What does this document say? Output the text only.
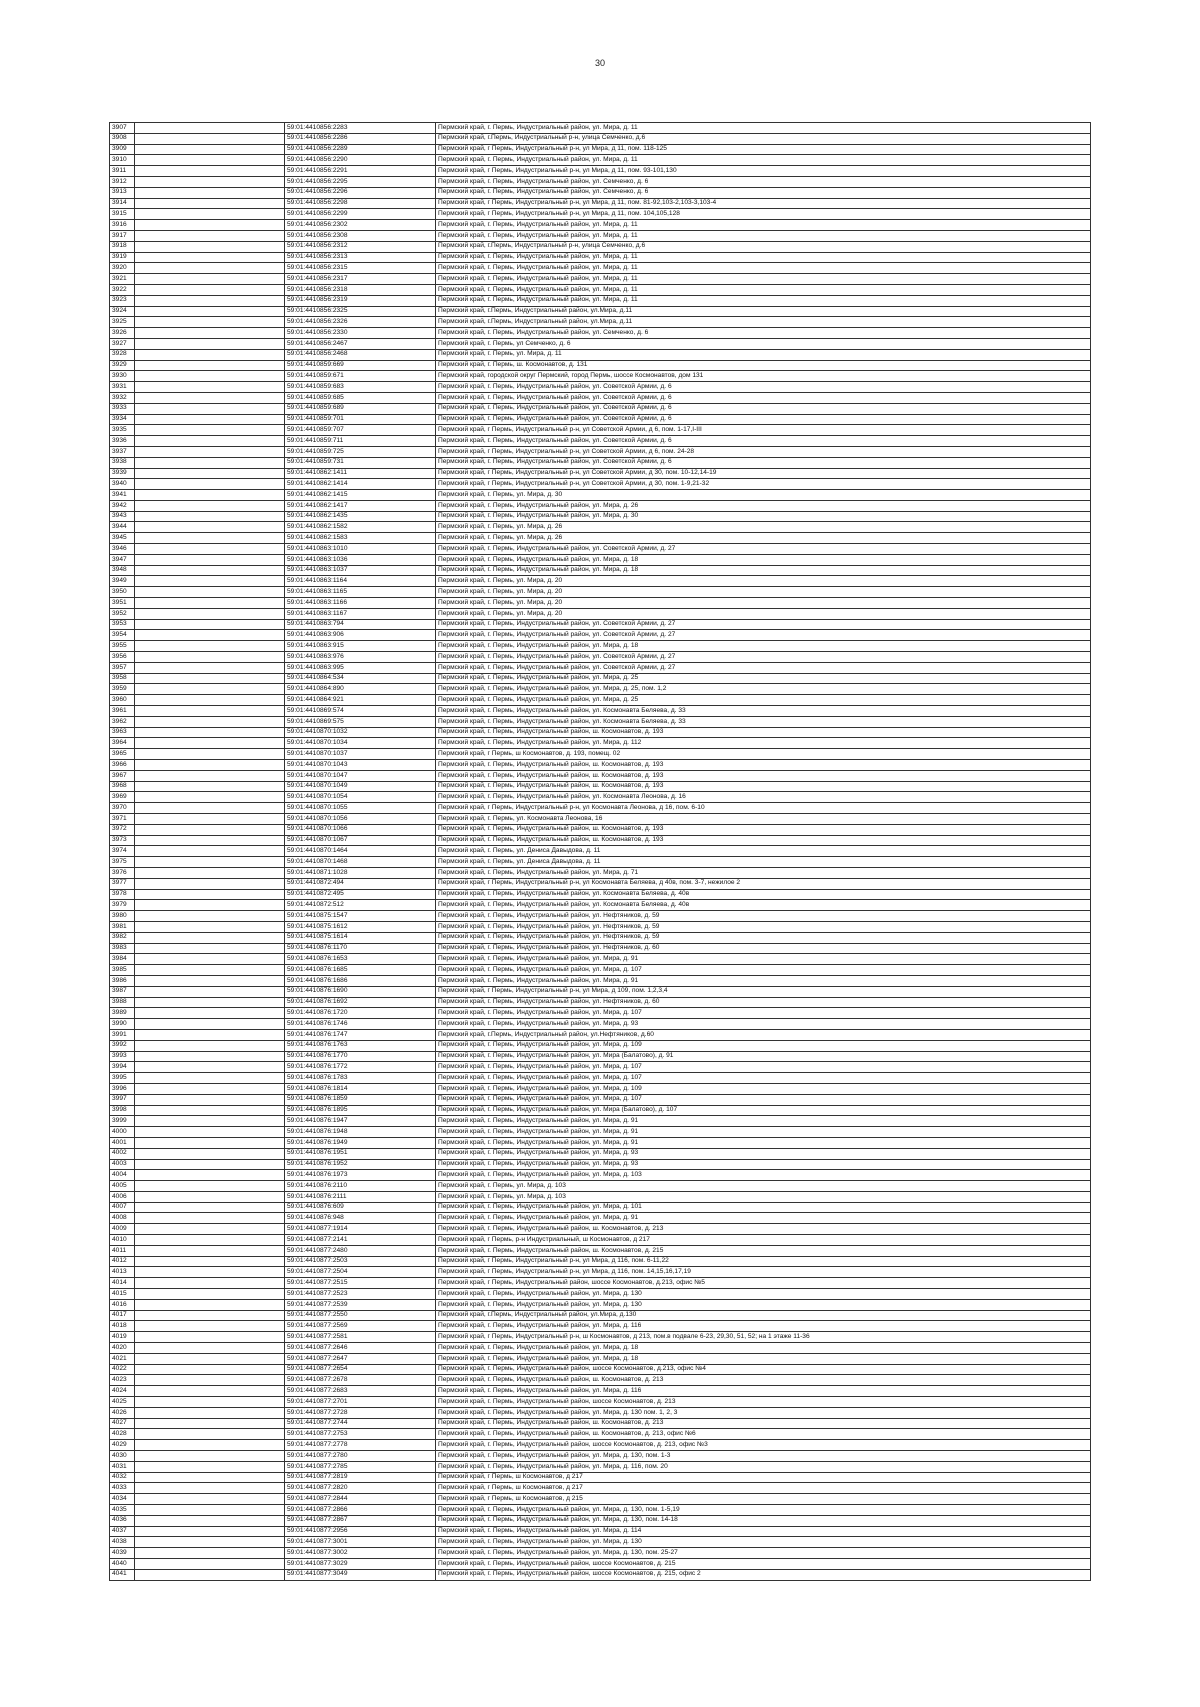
30
3907		59:01:4410856:2283	Пермский край, г. Пермь, Индустриальный район, ул. Мира, д. 11
3908		59:01:4410856:2286	Пермский край, г.Пермь, Индустриальный р-н, улица Семченко, д.6
3909		59:01:4410856:2289	Пермский край, г Пермь, Индустриальный р-н, ул Мира, д 11, пом. 118-125
3910		59:01:4410856:2290	Пермский край, г. Пермь, Индустриальный район, ул. Мира, д. 11
3911		59:01:4410856:2291	Пермский край, г Пермь, Индустриальный р-н, ул Мира, д 11, пом. 93-101,130
3912		59:01:4410856:2295	Пермский край, г. Пермь, Индустриальный район, ул. Семченко, д. 6
3913		59:01:4410856:2296	Пермский край, г. Пермь, Индустриальный район, ул. Семченко, д. 6
3914		59:01:4410856:2298	Пермский край, г Пермь, Индустриальный р-н, ул Мира, д 11, пом. 81-92,103-2,103-3,103-4
3915		59:01:4410856:2299	Пермский край, г Пермь, Индустриальный р-н, ул Мира, д 11, пом. 104,105,128
3916		59:01:4410856:2302	Пермский край, г. Пермь, Индустриальный район, ул. Мира, д. 11
3917		59:01:4410856:2308	Пермский край, г. Пермь, Индустриальный район, ул. Мира, д. 11
3918		59:01:4410856:2312	Пермский край, г.Пермь, Индустриальный р-н, улица Семченко, д.6
3919		59:01:4410856:2313	Пермский край, г. Пермь, Индустриальный район, ул. Мира, д. 11
3920		59:01:4410856:2315	Пермский край, г. Пермь, Индустриальный район, ул. Мира, д. 11
3921		59:01:4410856:2317	Пермский край, г. Пермь, Индустриальный район, ул. Мира, д. 11
3922		59:01:4410856:2318	Пермский край, г. Пермь, Индустриальный район, ул. Мира, д. 11
3923		59:01:4410856:2319	Пермский край, г. Пермь, Индустриальный район, ул. Мира, д. 11
3924		59:01:4410856:2325	Пермский край, г.Пермь, Индустриальный район, ул.Мира, д.11
3925		59:01:4410856:2326	Пермский край, г.Пермь, Индустриальный район, ул.Мира, д.11
3926		59:01:4410856:2330	Пермский край, г. Пермь, Индустриальный район, ул. Семченко, д. 6
3927		59:01:4410856:2467	Пермский край, г. Пермь, ул Семченко, д. 6
3928		59:01:4410856:2468	Пермский край, г. Пермь, ул. Мира, д. 11
3929		59:01:4410859:669	Пермский край, г. Пермь, ш. Космонавтов, д. 131
3930		59:01:4410859:671	Пермский край, городской округ Пермский, город Пермь, шоссе Космонавтов, дом 131
3931		59:01:4410859:683	Пермский край, г. Пермь, Индустриальный район, ул. Советской Армии, д. 6
3932		59:01:4410859:685	Пермский край, г. Пермь, Индустриальный район, ул. Советской Армии, д. 6
3933		59:01:4410859:689	Пермский край, г. Пермь, Индустриальный район, ул. Советской Армии, д. 6
3934		59:01:4410859:701	Пермский край, г. Пермь, Индустриальный район, ул. Советской Армии, д. 6
3935		59:01:4410859:707	Пермский край, г Пермь, Индустриальный р-н, ул Советской Армии, д 6, пом. 1-17,I-III
3936		59:01:4410859:711	Пермский край, г. Пермь, Индустриальный район, ул. Советской Армии, д. 6
3937		59:01:4410859:725	Пермский край, г Пермь, Индустриальный р-н, ул Советской Армии, д 6, пом. 24-28
3938		59:01:4410859:731	Пермский край, г. Пермь, Индустриальный район, ул. Советской Армии, д. 6
3939		59:01:4410862:1411	Пермский край, г Пермь, Индустриальный р-н, ул Советской Армии, д 30, пом. 10-12,14-19
3940		59:01:4410862:1414	Пермский край, г Пермь, Индустриальный р-н, ул Советской Армии, д 30, пом. 1-9,21-32
3941		59:01:4410862:1415	Пермский край, г. Пермь, ул. Мира, д. 30
3942		59:01:4410862:1417	Пермский край, г. Пермь, Индустриальный район, ул. Мира, д. 26
3943		59:01:4410862:1435	Пермский край, г. Пермь, Индустриальный район, ул. Мира, д. 30
3944		59:01:4410862:1582	Пермский край, г. Пермь, ул. Мира, д. 26
3945		59:01:4410862:1583	Пермский край, г. Пермь, ул. Мира, д. 26
3946		59:01:4410863:1010	Пермский край, г. Пермь, Индустриальный район, ул. Советской Армии, д. 27
3947		59:01:4410863:1036	Пермский край, г. Пермь, Индустриальный район, ул. Мира, д. 18
3948		59:01:4410863:1037	Пермский край, г. Пермь, Индустриальный район, ул. Мира, д. 18
3949		59:01:4410863:1164	Пермский край, г. Пермь, ул. Мира, д. 20
3950		59:01:4410863:1165	Пермский край, г. Пермь, ул. Мира, д. 20
3951		59:01:4410863:1166	Пермский край, г. Пермь, ул. Мира, д. 20
3952		59:01:4410863:1167	Пермский край, г. Пермь, ул. Мира, д. 20
3953		59:01:4410863:794	Пермский край, г. Пермь, Индустриальный район, ул. Советской Армии, д. 27
3954		59:01:4410863:906	Пермский край, г. Пермь, Индустриальный район, ул. Советской Армии, д. 27
3955		59:01:4410863:915	Пермский край, г. Пермь, Индустриальный район, ул. Мира, д. 18
3956		59:01:4410863:976	Пермский край, г. Пермь, Индустриальный район, ул. Советской Армии, д. 27
3957		59:01:4410863:995	Пермский край, г. Пермь, Индустриальный район, ул. Советской Армии, д. 27
3958		59:01:4410864:534	Пермский край, г. Пермь, Индустриальный район, ул. Мира, д. 25
3959		59:01:4410864:890	Пермский край, г. Пермь, Индустриальный район, ул. Мира, д. 25, пом. 1,2
3960		59:01:4410864:921	Пермский край, г. Пермь, Индустриальный район, ул. Мира, д. 25
3961		59:01:4410869:574	Пермский край, г. Пермь, Индустриальный район, ул. Космонавта Беляева, д. 33
3962		59:01:4410869:575	Пермский край, г. Пермь, Индустриальный район, ул. Космонавта Беляева, д. 33
3963		59:01:4410870:1032	Пермский край, г. Пермь, Индустриальный район, ш. Космонавтов, д. 193
3964		59:01:4410870:1034	Пермский край, г. Пермь, Индустриальный район, ул. Мира, д. 112
3965		59:01:4410870:1037	Пермский край, г Пермь, ш Космонавтов, д. 193, помещ. 02
3966		59:01:4410870:1043	Пермский край, г. Пермь, Индустриальный район, ш. Космонавтов, д. 193
3967		59:01:4410870:1047	Пермский край, г. Пермь, Индустриальный район, ш. Космонавтов, д. 193
3968		59:01:4410870:1049	Пермский край, г. Пермь, Индустриальный район, ш. Космонавтов, д. 193
3969		59:01:4410870:1054	Пермский край, г. Пермь, Индустриальный район, ул. Космонавта Леонова, д. 16
3970		59:01:4410870:1055	Пермский край, г Пермь, Индустриальный р-н, ул Космонавта Леонова, д 16, пом. 6-10
3971		59:01:4410870:1056	Пермский край, г. Пермь, ул. Космонавта Леонова, 16
3972		59:01:4410870:1066	Пермский край, г. Пермь, Индустриальный район, ш. Космонавтов, д. 193
3973		59:01:4410870:1067	Пермский край, г. Пермь, Индустриальный район, ш. Космонавтов, д. 193
3974		59:01:4410870:1464	Пермский край, г. Пермь, ул. Дениса Давыдова, д. 11
3975		59:01:4410870:1468	Пермский край, г. Пермь, ул. Дениса Давыдова, д. 11
3976		59:01:4410871:1028	Пермский край, г. Пермь, Индустриальный район, ул. Мира, д. 71
3977		59:01:4410872:494	Пермский край, г Пермь, Индустриальный р-н, ул Космонавта Беляева, д 40в, пом. 3-7, нежилое 2
3978		59:01:4410872:495	Пермский край, г. Пермь, Индустриальный район, ул. Космонавта Беляева, д. 40в
3979		59:01:4410872:512	Пермский край, г. Пермь, Индустриальный район, ул. Космонавта Беляева, д. 40в
3980		59:01:4410875:1547	Пермский край, г. Пермь, Индустриальный район, ул. Нефтяников, д. 59
3981		59:01:4410875:1612	Пермский край, г. Пермь, Индустриальный район, ул. Нефтяников, д. 59
3982		59:01:4410875:1614	Пермский край, г. Пермь, Индустриальный район, ул. Нефтяников, д. 59
3983		59:01:4410876:1170	Пермский край, г. Пермь, Индустриальный район, ул. Нефтяников, д. 60
3984		59:01:4410876:1653	Пермский край, г. Пермь, Индустриальный район, ул. Мира, д. 91
3985		59:01:4410876:1685	Пермский край, г. Пермь, Индустриальный район, ул. Мира, д. 107
3986		59:01:4410876:1686	Пермский край, г. Пермь, Индустриальный район, ул. Мира, д. 91
3987		59:01:4410876:1690	Пермский край, г Пермь, Индустриальный р-н, ул Мира, д 109, пом. 1,2,3,4
3988		59:01:4410876:1692	Пермский край, г. Пермь, Индустриальный район, ул. Нефтяников, д. 60
3989		59:01:4410876:1720	Пермский край, г. Пермь, Индустриальный район, ул. Мира, д. 107
3990		59:01:4410876:1746	Пермский край, г. Пермь, Индустриальный район, ул. Мира, д. 93
3991		59:01:4410876:1747	Пермский край, г.Пермь, Индустриальный район, ул.Нефтяников, д.60
3992		59:01:4410876:1763	Пермский край, г. Пермь, Индустриальный район, ул. Мира, д. 109
3993		59:01:4410876:1770	Пермский край, г. Пермь, Индустриальный район, ул. Мира (Балатово), д. 91
3994		59:01:4410876:1772	Пермский край, г. Пермь, Индустриальный район, ул. Мира, д. 107
3995		59:01:4410876:1783	Пермский край, г. Пермь, Индустриальный район, ул. Мира, д. 107
3996		59:01:4410876:1814	Пермский край, г. Пермь, Индустриальный район, ул. Мира, д. 109
3997		59:01:4410876:1859	Пермский край, г. Пермь, Индустриальный район, ул. Мира, д. 107
3998		59:01:4410876:1895	Пермский край, г. Пермь, Индустриальный район, ул. Мира (Балатово), д. 107
3999		59:01:4410876:1947	Пермский край, г. Пермь, Индустриальный район, ул. Мира, д. 91
4000		59:01:4410876:1948	Пермский край, г. Пермь, Индустриальный район, ул. Мира, д. 91
4001		59:01:4410876:1949	Пермский край, г. Пермь, Индустриальный район, ул. Мира, д. 91
4002		59:01:4410876:1951	Пермский край, г. Пермь, Индустриальный район, ул. Мира, д. 93
4003		59:01:4410876:1952	Пермский край, г. Пермь, Индустриальный район, ул. Мира, д. 93
4004		59:01:4410876:1973	Пермский край, г. Пермь, Индустриальный район, ул. Мира, д. 103
4005		59:01:4410876:2110	Пермский край, г. Пермь, ул. Мира, д. 103
4006		59:01:4410876:2111	Пермский край, г. Пермь, ул. Мира, д. 103
4007		59:01:4410876:609	Пермский край, г. Пермь, Индустриальный район, ул. Мира, д. 101
4008		59:01:4410876:948	Пермский край, г. Пермь, Индустриальный район, ул. Мира, д. 91
4009		59:01:4410877:1914	Пермский край, г. Пермь, Индустриальный район, ш. Космонавтов, д. 213
4010		59:01:4410877:2141	Пермский край, г Пермь, р-н Индустриальный, ш Космонавтов, д 217
4011		59:01:4410877:2480	Пермский край, г. Пермь, Индустриальный район, ш. Космонавтов, д. 215
4012		59:01:4410877:2503	Пермский край, г Пермь, Индустриальный р-н, ул Мира, д 116, пом. 6-11,22
4013		59:01:4410877:2504	Пермский край, г Пермь, Индустриальный р-н, ул Мира, д 116, пом. 14,15,16,17,19
4014		59:01:4410877:2515	Пермский край, г Пермь, Индустриальный район, шоссе Космонавтов, д.213, офис №5
4015		59:01:4410877:2523	Пермский край, г. Пермь, Индустриальный район, ул. Мира, д. 130
4016		59:01:4410877:2539	Пермский край, г. Пермь, Индустриальный район, ул. Мира, д. 130
4017		59:01:4410877:2550	Пермский край, г.Пермь, Индустриальный район, ул.Мира, д.130
4018		59:01:4410877:2569	Пермский край, г. Пермь, Индустриальный район, ул. Мира, д. 116
4019		59:01:4410877:2581	Пермский край, г Пермь, Индустриальный р-н, ш Космонавтов, д 213, пом.в подвале 6-23, 29,30, 51, 52; на 1 этаже 11-36
4020		59:01:4410877:2646	Пермский край, г. Пермь, Индустриальный район, ул. Мира, д. 18
4021		59:01:4410877:2647	Пермский край, г. Пермь, Индустриальный район, ул. Мира, д. 18
4022		59:01:4410877:2654	Пермский край, г. Пермь, Индустриальный район, шоссе Космонавтов, д.213, офис №4
4023		59:01:4410877:2678	Пермский край, г. Пермь, Индустриальный район, ш. Космонавтов, д. 213
4024		59:01:4410877:2683	Пермский край, г. Пермь, Индустриальный район, ул. Мира, д. 116
4025		59:01:4410877:2701	Пермский край, г. Пермь, Индустриальный район, шоссе Космонавтов, д. 213
4026		59:01:4410877:2728	Пермский край, г. Пермь, Индустриальный район, ул. Мира, д. 130 пом. 1, 2, 3
4027		59:01:4410877:2744	Пермский край, г. Пермь, Индустриальный район, ш. Космонавтов, д. 213
4028		59:01:4410877:2753	Пермский край, г. Пермь, Индустриальный район, ш. Космонавтов, д. 213, офис №6
4029		59:01:4410877:2778	Пермский край, г. Пермь, Индустриальный район, шоссе Космонавтов, д. 213, офис №3
4030		59:01:4410877:2780	Пермский край, г. Пермь, Индустриальный район, ул. Мира, д. 130, пом. 1-3
4031		59:01:4410877:2785	Пермский край, г. Пермь, Индустриальный район, ул. Мира, д. 116, пом. 20
4032		59:01:4410877:2819	Пермский край, г Пермь, ш Космонавтов, д 217
4033		59:01:4410877:2820	Пермский край, г Пермь, ш Космонавтов, д 217
4034		59:01:4410877:2844	Пермский край, г Пермь, ш Космонавтов, д 215
4035		59:01:4410877:2866	Пермский край, г. Пермь, Индустриальный район, ул. Мира, д. 130, пом. 1-5,19
4036		59:01:4410877:2867	Пермский край, г. Пермь, Индустриальный район, ул. Мира, д. 130, пом. 14-18
4037		59:01:4410877:2956	Пермский край, г. Пермь, Индустриальный район, ул. Мира, д. 114
4038		59:01:4410877:3001	Пермский край, г. Пермь, Индустриальный район, ул. Мира, д. 130
4039		59:01:4410877:3002	Пермский край, г. Пермь, Индустриальный район, ул. Мира, д. 130, пом. 25-27
4040		59:01:4410877:3029	Пермский край, г. Пермь, Индустриальный район, шоссе Космонавтов, д. 215
4041		59:01:4410877:3049	Пермский край, г. Пермь, Индустриальный район, шоссе Космонавтов, д. 215, офис 2
